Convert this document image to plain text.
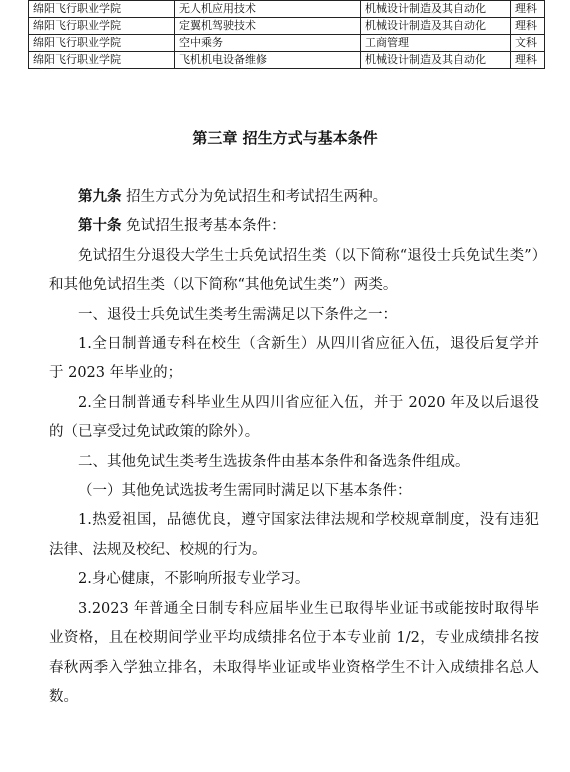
绵阳飞行职业学院	无人机应用技术	机械设计制造及其自动化	理科
绵阳飞行职业学院	定翼机驾驶技术	机械设计制造及其自动化	理科
绵阳飞行职业学院	空中乘务	工商管理	文科
绵阳飞行职业学院	飞机机电设备维修	机械设计制造及其自动化	理科
第三章 招生方式与基本条件

第九条 招生方式分为免试招生和考试招生两种。

第十条 免试招生报考基本条件：

免试招生分退役大学生士兵免试招生类（以下简称“退役士兵免试生类”）和其他免试招生类（以下简称“其他免试生类”）两类。

一、退役士兵免试生类考生需满足以下条件之一：

1.全日制普通专科在校生（含新生）从四川省应征入伍，退役后复学并于 2023 年毕业的；

2.全日制普通专科毕业生从四川省应征入伍，并于 2020 年及以后退役的（已享受过免试政策的除外）。

二、其他免试生类考生选拔条件由基本条件和备选条件组成。

（一）其他免试选拔考生需同时满足以下基本条件：

1.热爱祖国，品德优良，遵守国家法律法规和学校规章制度，没有违犯法律、法规及校纪、校规的行为。

2.身心健康，不影响所报专业学习。

3.2023 年普通全日制专科应届毕业生已取得毕业证书或能按时取得毕业资格，且在校期间学业平均成绩排名位于本专业前 1/2，专业成绩排名按春秋两季入学独立排名，未取得毕业证或毕业资格学生不计入成绩排名总人数。
